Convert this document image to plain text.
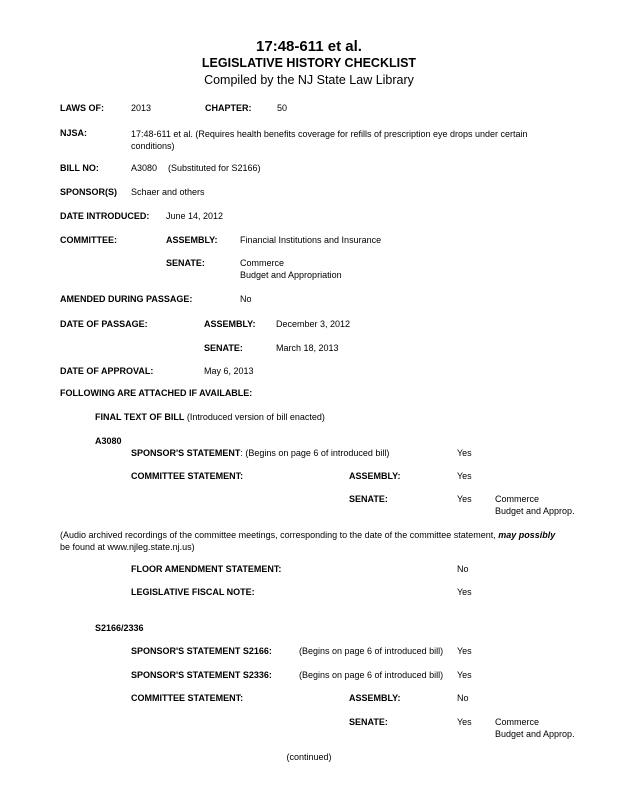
17:48-611 et al.
LEGISLATIVE HISTORY CHECKLIST
Compiled by the NJ State Law Library
LAWS OF:	2013	CHAPTER:	50
NJSA:	17:48-611 et al. (Requires health benefits coverage for refills of prescription eye drops under certain conditions)
BILL NO:	A3080 (Substituted for S2166)
SPONSOR(S) Schaer and others
DATE INTRODUCED: June 14, 2012
COMMITTEE:	ASSEMBLY: Financial Institutions and Insurance
SENATE:	Commerce
Budget and Appropriation
AMENDED DURING PASSAGE:	No
DATE OF PASSAGE:	ASSEMBLY: December 3, 2012
SENATE:	March 18, 2013
DATE OF APPROVAL:	May 6, 2013
FOLLOWING ARE ATTACHED IF AVAILABLE:
FINAL TEXT OF BILL (Introduced version of bill enacted)
A3080
SPONSOR'S STATEMENT: (Begins on page 6 of introduced bill)	Yes
COMMITTEE STATEMENT:	ASSEMBLY:	Yes
SENATE:	Yes	Commerce
Budget and Approp.
(Audio archived recordings of the committee meetings, corresponding to the date of the committee statement, may possibly
be found at www.njleg.state.nj.us)
FLOOR AMENDMENT STATEMENT:	No
LEGISLATIVE FISCAL NOTE:	Yes
S2166/2336
SPONSOR'S STATEMENT S2166:	(Begins on page 6 of introduced bill) Yes
SPONSOR'S STATEMENT S2336:	(Begins on page 6 of introduced bill) Yes
COMMITTEE STATEMENT:	ASSEMBLY:	No
SENATE:	Yes	Commerce
Budget and Approp.
(continued)
